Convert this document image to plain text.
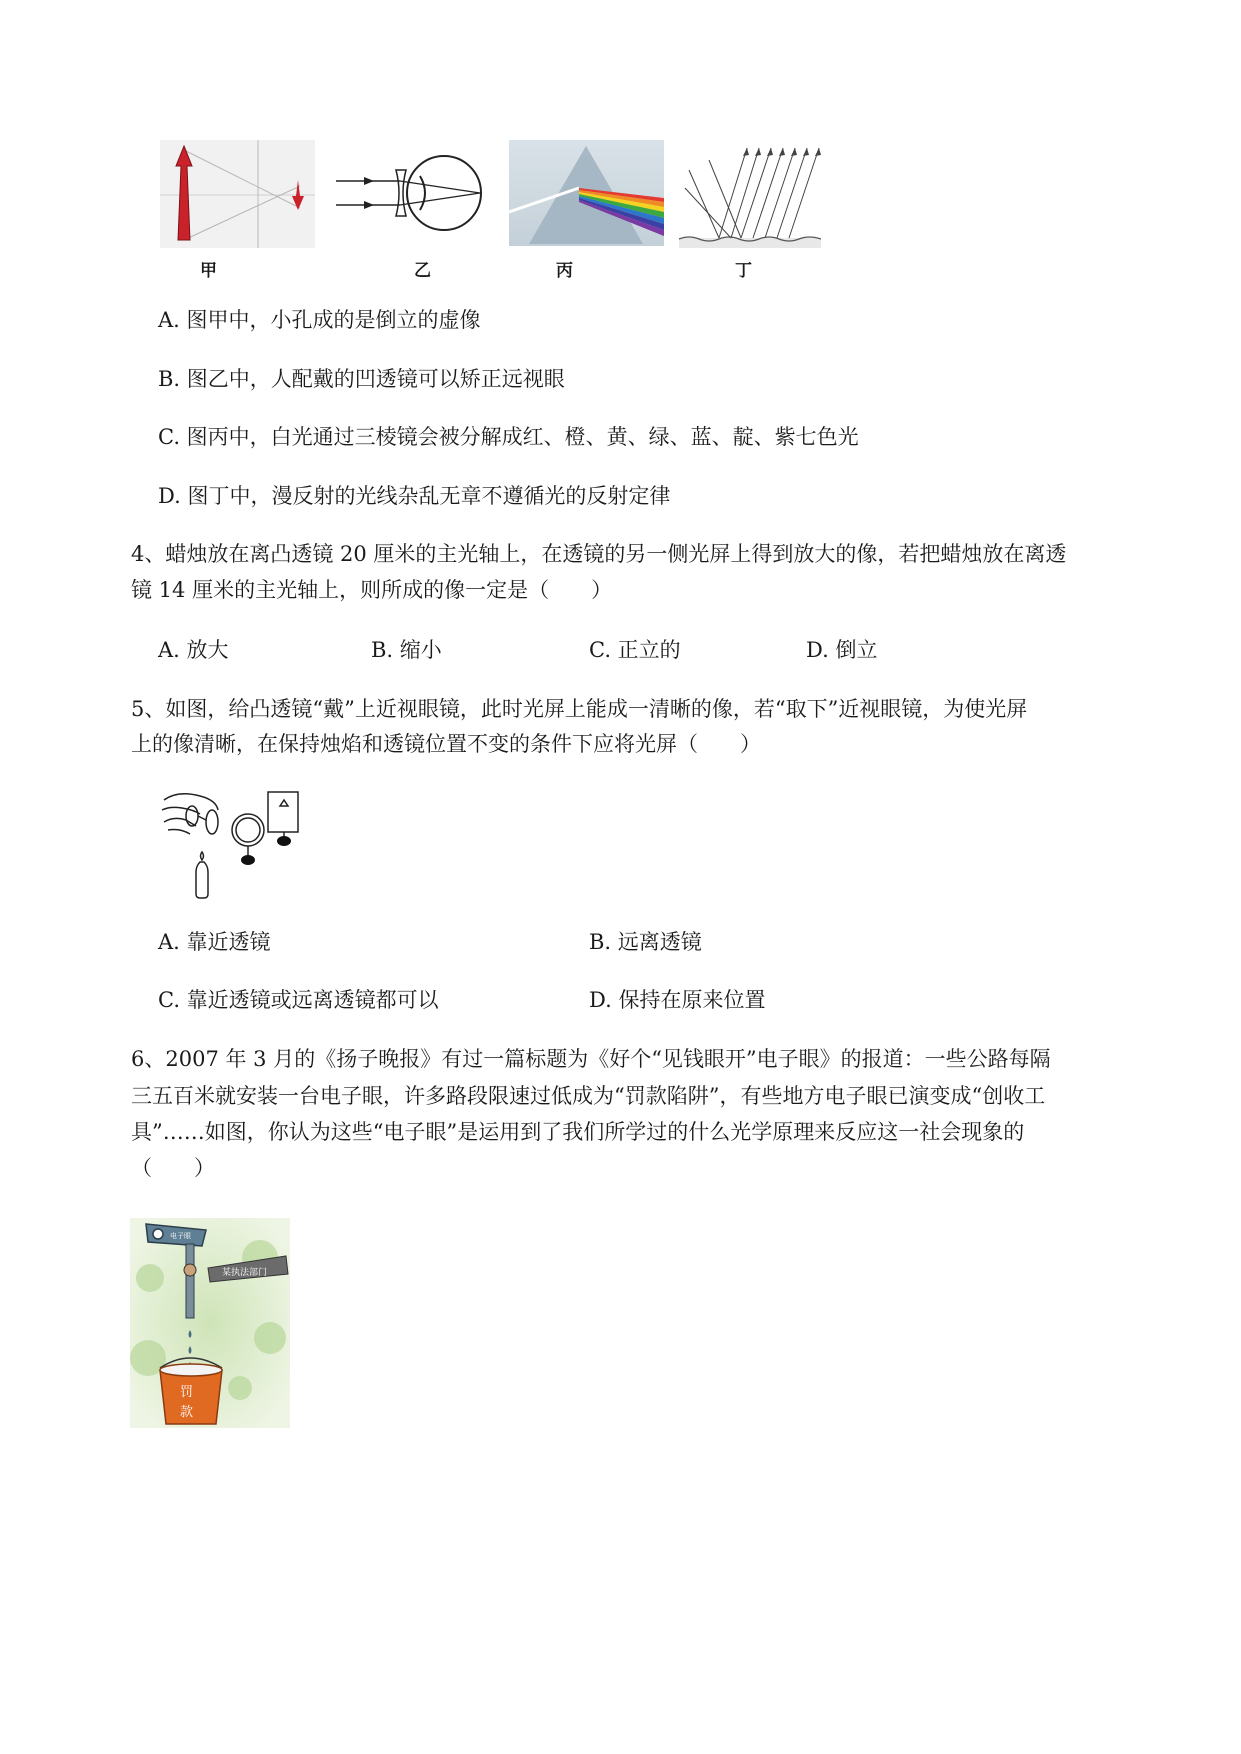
甲	乙	丙	丁
A. 图甲中，小孔成的是倒立的虚像
B. 图乙中，人配戴的凹透镜可以矫正远视眼
C. 图丙中，白光通过三棱镜会被分解成红、橙、黄、绿、蓝、靛、紫七色光
D. 图丁中，漫反射的光线杂乱无章不遵循光的反射定律
4、蜡烛放在离凸透镜 20 厘米的主光轴上，在透镜的另一侧光屏上得到放大的像，若把蜡烛放在离透
镜 14 厘米的主光轴上，则所成的像一定是（　　）
A. 放大	B. 缩小	C. 正立的	D. 倒立
5、如图，给凸透镜“戴”上近视眼镜，此时光屏上能成一清晰的像，若“取下”近视眼镜，为使光屏
上的像清晰，在保持烛焰和透镜位置不变的条件下应将光屏（　　）
A. 靠近透镜	B. 远离透镜
C. 靠近透镜或远离透镜都可以	D. 保持在原来位置
6、2007 年 3 月的《扬子晚报》有过一篇标题为《好个“见钱眼开”电子眼》的报道：一些公路每隔
三五百米就安装一台电子眼，许多路段限速过低成为“罚款陷阱”，有些地方电子眼已演变成“创收工
具”……如图，你认为这些“电子眼”是运用到了我们所学过的什么光学原理来反应这一社会现象的
（　　）
电子眼
某执法部门
罚
款
